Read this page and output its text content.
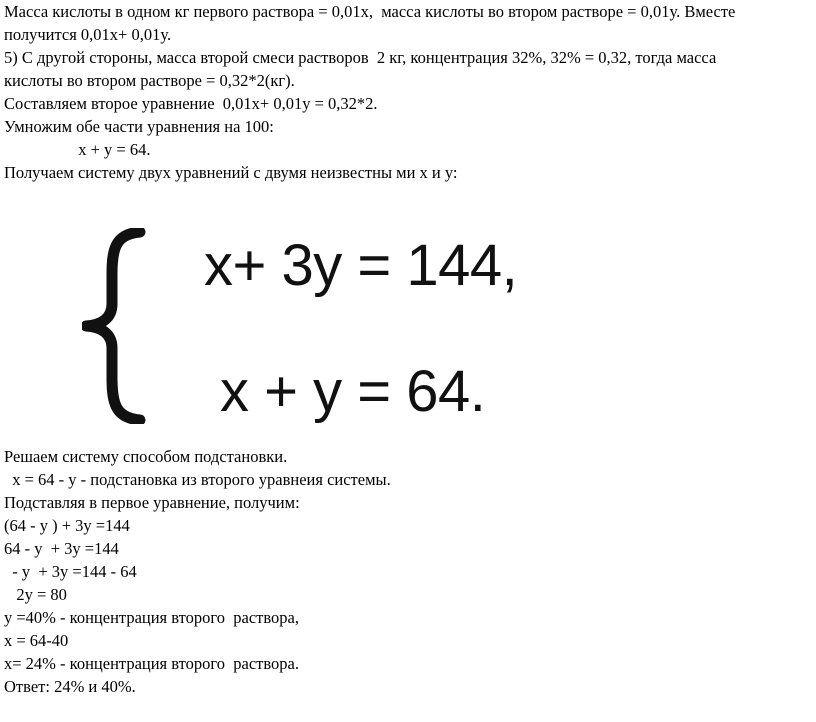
Масса кислоты в одном кг первого раствора = 0,01х,  масса кислоты во втором растворе = 0,01у. Вместе
получится 0,01х+ 0,01у.
5) С другой стороны, масса второй смеси растворов  2 кг, концентрация 32%, 32% = 0,32, тогда масса
кислоты во втором растворе = 0,32*2(кг).
Составляем второе уравнение  0,01х+ 0,01у = 0,32*2.
Умножим обе части уравнения на 100:
х + у = 64.
Получаем систему двух уравнений с двумя неизвестны ми х и у:
Решаем систему способом подстановки.
х = 64 - у - подстановка из второго уравнеия системы.
Подставляя в первое уравнение, получим:
(64 - у ) + 3у =144
64 - у  + 3у =144
- у  + 3у =144 - 64
2у = 80
у =40% - концентрация второго  раствора,
х = 64-40
х= 24% - концентрация второго  раствора.
Ответ: 24% и 40%.
x+ 3y = 144,
x + y = 64.
